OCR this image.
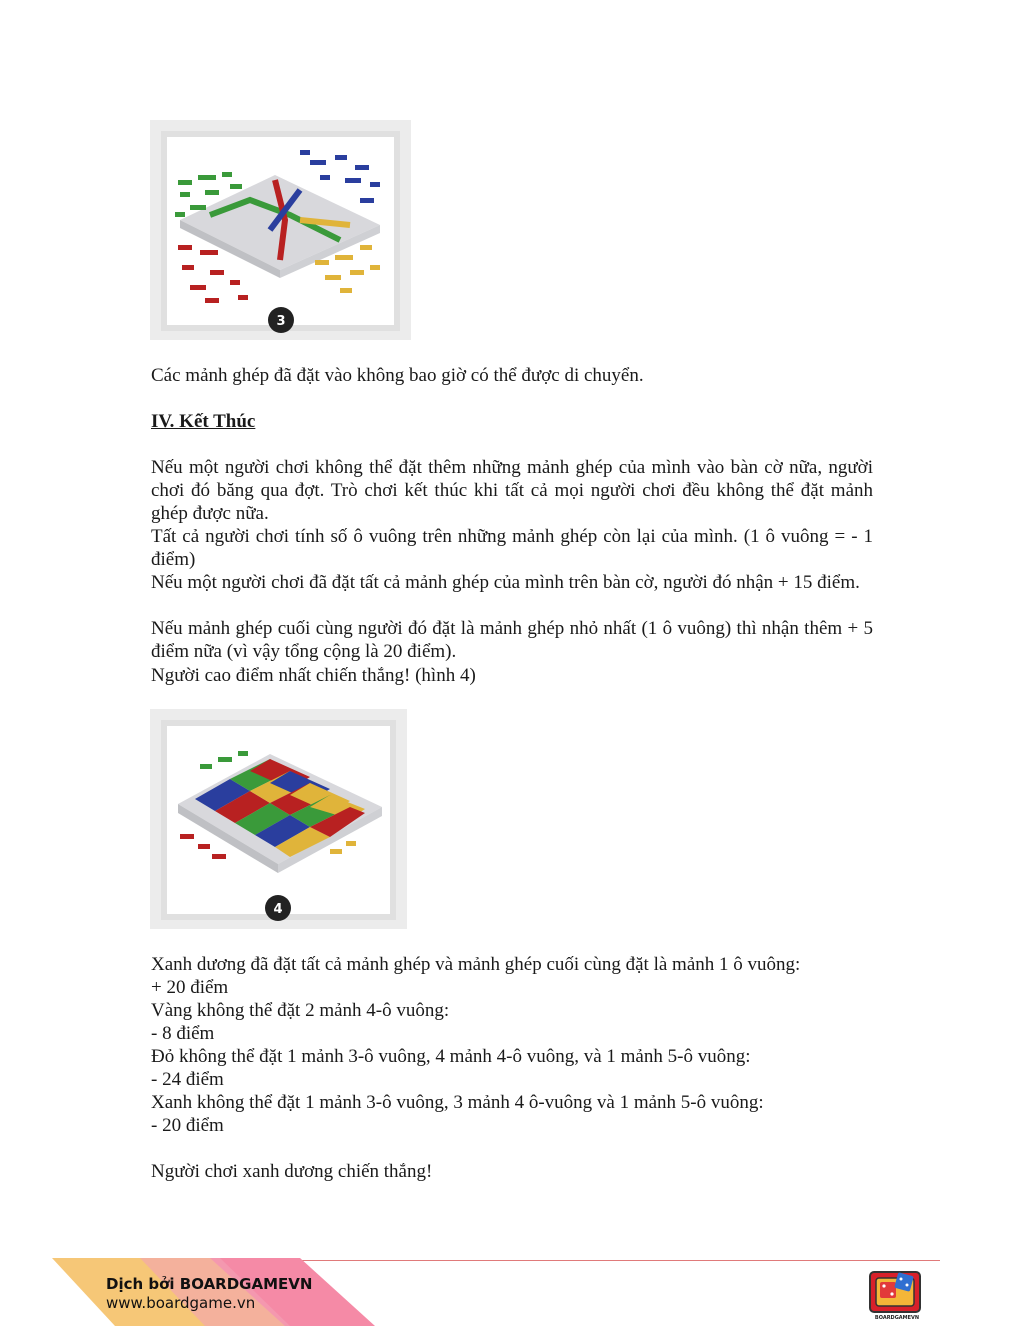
3
Các mảnh ghép đã đặt vào không bao giờ có thể được di chuyển.
IV. Kết Thúc
Nếu một người chơi không thể đặt thêm những mảnh ghép của mình vào bàn cờ nữa, người chơi đó băng qua đợt. Trò chơi kết thúc khi tất cả mọi người chơi đều không thể đặt mảnh ghép được nữa.
Tất cả người chơi tính số ô vuông trên những mảnh ghép còn lại của mình. (1 ô vuông = - 1 điểm)
Nếu một người chơi đã đặt tất cả mảnh ghép của mình trên bàn cờ, người đó nhận + 15 điểm.
Nếu mảnh ghép cuối cùng người đó đặt là mảnh ghép nhỏ nhất (1 ô vuông) thì nhận thêm + 5 điểm nữa (vì vậy tổng cộng là 20 điểm).
Người cao điểm nhất chiến thắng! (hình 4)
4
Xanh dương đã đặt tất cả mảnh ghép và mảnh ghép cuối cùng đặt là mảnh 1 ô vuông:
+ 20 điểm
Vàng không thể đặt 2 mảnh 4-ô vuông:
- 8 điểm
Đỏ không thể đặt 1 mảnh 3-ô vuông, 4 mảnh 4-ô vuông, và 1 mảnh 5-ô vuông:
- 24 điểm
Xanh không thể đặt 1 mảnh 3-ô vuông, 3 mảnh 4 ô-vuông và 1 mảnh 5-ô vuông:
- 20 điểm
Người chơi xanh dương chiến thắng!
Dịch bởi BOARDGAMEVN
www.boardgame.vn
BOARDGAMEVN
